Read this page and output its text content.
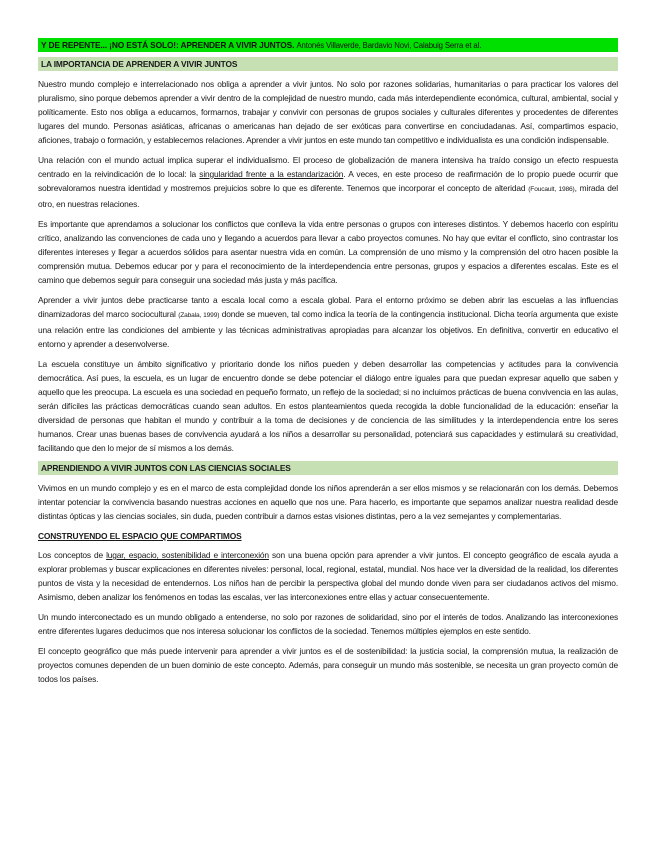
Y DE REPENTE... ¡NO ESTÁ SOLO!: APRENDER A VIVIR JUNTOS. Antonés Villaverde, Bardavio Novi, Calabuig Serra et al.
LA IMPORTANCIA DE APRENDER A VIVIR JUNTOS

Nuestro mundo complejo e interrelacionado nos obliga a aprender a vivir juntos. No solo por razones solidarias, humanitarias o para practicar los valores del pluralismo, sino porque debemos aprender a vivir dentro de la complejidad de nuestro mundo, cada más interdependiente económica, cultural, ambiental, social y políticamente. Esto nos obliga a educarnos, formarnos, trabajar y convivir con personas de grupos sociales y culturales diferentes y procedentes de diferentes lugares del mundo. Personas asiáticas, africanas o americanas han dejado de ser exóticas para convertirse en conciudadanas. Así, compartimos espacio, aficiones, trabajo o formación, y establecemos relaciones. Aprender a vivir juntos en este mundo tan competitivo e individualista es una condición indispensable.

Una relación con el mundo actual implica superar el individualismo. El proceso de globalización de manera intensiva ha traído consigo un efecto respuesta centrado en la reivindicación de lo local: la singularidad frente a la estandarización. A veces, en este proceso de reafirmación de lo propio puede ocurrir que sobrevaloramos nuestra identidad y mostremos prejuicios sobre lo que es diferente. Tenemos que incorporar el concepto de alteridad (Foucault, 1986), mirada del otro, en nuestras relaciones.

Es importante que aprendamos a solucionar los conflictos que conlleva la vida entre personas o grupos con intereses distintos. Y debemos hacerlo con espíritu crítico, analizando las convenciones de cada uno y llegando a acuerdos para llevar a cabo proyectos comunes. No hay que evitar el conflicto, sino contrastar los diferentes intereses y llegar a acuerdos sólidos para asentar nuestra vida en común. La comprensión de uno mismo y la comprensión del otro hacen posible la comprensión mutua. Debemos educar por y para el reconocimiento de la interdependencia entre personas, grupos y espacios a diferentes escalas. Este es el camino que debemos seguir para conseguir una sociedad más justa y más pacífica.

Aprender a vivir juntos debe practicarse tanto a escala local como a escala global. Para el entorno próximo se deben abrir las escuelas a las influencias dinamizadoras del marco sociocultural (Zabala, 1999) donde se mueven, tal como indica la teoría de la contingencia institucional. Dicha teoría argumenta que existe una relación entre las condiciones del ambiente y las técnicas administrativas apropiadas para alcanzar los objetivos. En definitiva, convertir en educativo el entorno y aprender a desenvolverse.

La escuela constituye un ámbito significativo y prioritario donde los niños pueden y deben desarrollar las competencias y actitudes para la convivencia democrática. Así pues, la escuela, es un lugar de encuentro donde se debe potenciar el diálogo entre iguales para que puedan expresar aquello que saben y aquello que les preocupa. La escuela es una sociedad en pequeño formato, un reflejo de la sociedad; si no incluimos prácticas de buena convivencia en las aulas, serán difíciles las prácticas democráticas cuando sean adultos. En estos planteamientos queda recogida la doble funcionalidad de la educación: enseñar la diversidad de personas que habitan el mundo y contribuir a la toma de decisiones y de conciencia de las similitudes y la interdependencia entre los seres humanos. Crear unas buenas bases de convivencia ayudará a los niños a desarrollar su personalidad, potenciará sus capacidades y estimulará su creatividad, facilitando que den lo mejor de sí mismos a los demás.

APRENDIENDO A VIVIR JUNTOS CON LAS CIENCIAS SOCIALES

Vivimos en un mundo complejo y es en el marco de esta complejidad donde los niños aprenderán a ser ellos mismos y se relacionarán con los demás. Debemos intentar potenciar la convivencia basando nuestras acciones en aquello que nos une. Para hacerlo, es importante que sepamos analizar nuestra realidad desde distintas ópticas y las ciencias sociales, sin duda, pueden contribuir a darnos estas visiones distintas, pero a la vez semejantes y complementarias.

CONSTRUYENDO EL ESPACIO QUE COMPARTIMOS

Los conceptos de lugar, espacio, sostenibilidad e interconexión son una buena opción para aprender a vivir juntos. El concepto geográfico de escala ayuda a explorar problemas y buscar explicaciones en diferentes niveles: personal, local, regional, estatal, mundial. Nos hace ver la diversidad de la realidad, los diferentes puntos de vista y la necesidad de entendernos. Los niños han de percibir la perspectiva global del mundo donde viven para ser ciudadanos activos del mismo. Asimismo, deben analizar los fenómenos en todas las escalas, ver las interconexiones entre ellas y actuar consecuentemente.

Un mundo interconectado es un mundo obligado a entenderse, no solo por razones de solidaridad, sino por el interés de todos. Analizando las interconexiones entre diferentes lugares deducimos que nos interesa solucionar los conflictos de la sociedad. Tenemos múltiples ejemplos en este sentido.

El concepto geográfico que más puede intervenir para aprender a vivir juntos es el de sostenibilidad: la justicia social, la comprensión mutua, la realización de proyectos comunes dependen de un buen dominio de este concepto. Además, para conseguir un mundo más sostenible, se necesita un gran proyecto común de todos los países.
